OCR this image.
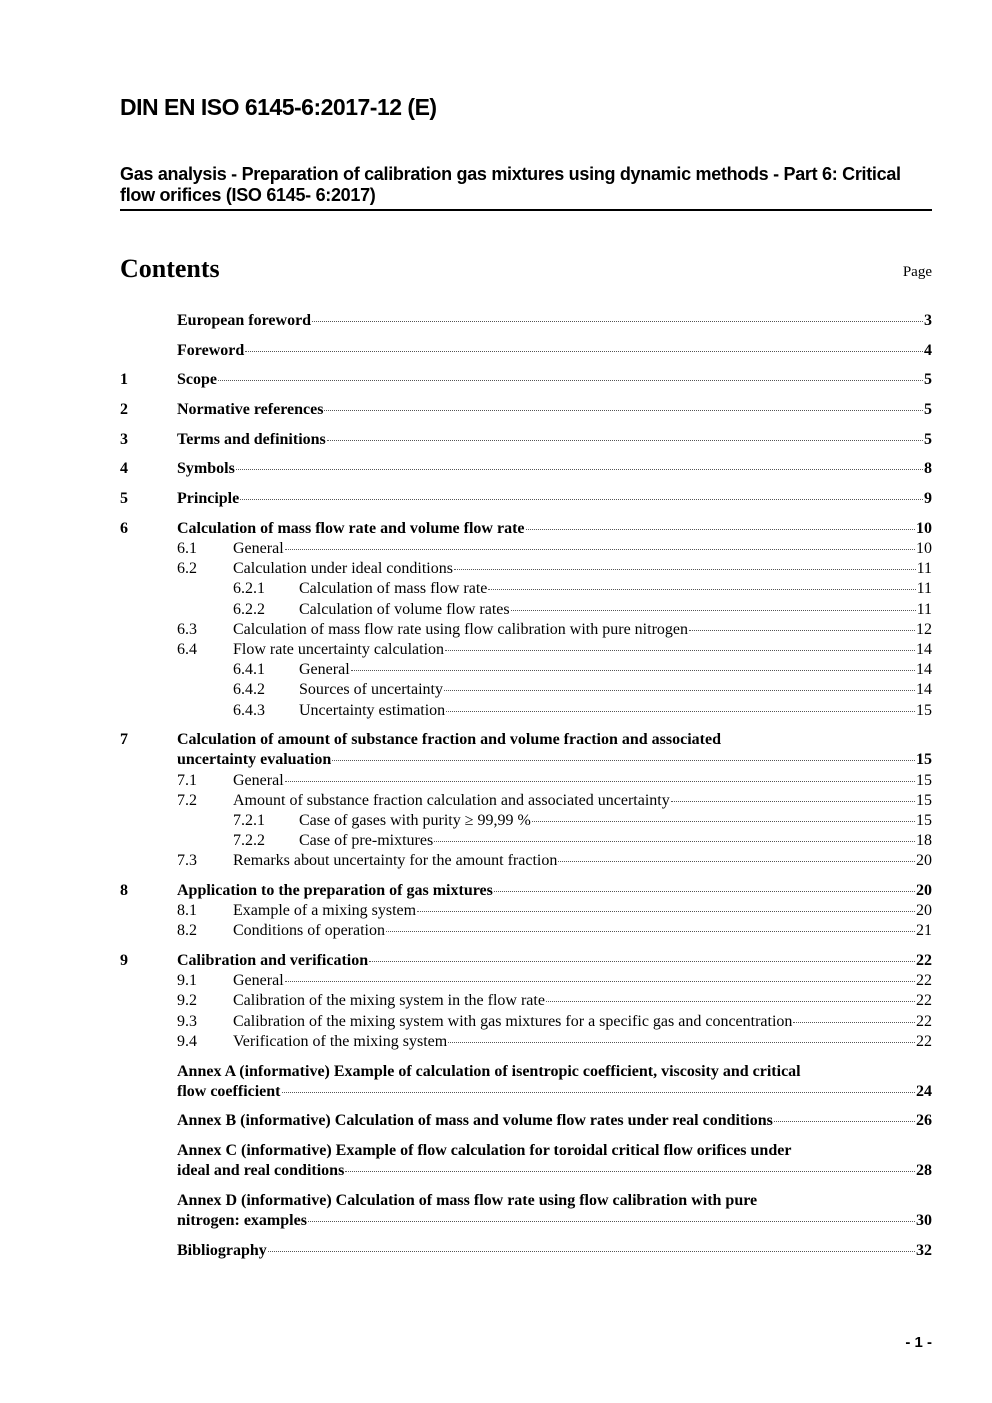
DIN EN ISO 6145-6:2017-12 (E)
Gas analysis - Preparation of calibration gas mixtures using dynamic methods - Part 6: Critical flow orifices (ISO 6145- 6:2017)
Contents	Page
European foreword	3
Foreword	4
1	Scope	5
2	Normative references	5
3	Terms and definitions	5
4	Symbols	8
5	Principle	9
6	Calculation of mass flow rate and volume flow rate	10
6.1	General	10
6.2	Calculation under ideal conditions	11
6.2.1	Calculation of mass flow rate	11
6.2.2	Calculation of volume flow rates	11
6.3	Calculation of mass flow rate using flow calibration with pure nitrogen	12
6.4	Flow rate uncertainty calculation	14
6.4.1	General	14
6.4.2	Sources of uncertainty	14
6.4.3	Uncertainty estimation	15
7	Calculation of amount of substance fraction and volume fraction and associated
uncertainty evaluation	15
7.1	General	15
7.2	Amount of substance fraction calculation and associated uncertainty	15
7.2.1	Case of gases with purity ≥ 99,99 %	15
7.2.2	Case of pre-mixtures	18
7.3	Remarks about uncertainty for the amount fraction	20
8	Application to the preparation of gas mixtures	20
8.1	Example of a mixing system	20
8.2	Conditions of operation	21
9	Calibration and verification	22
9.1	General	22
9.2	Calibration of the mixing system in the flow rate	22
9.3	Calibration of the mixing system with gas mixtures for a specific gas and concentration	22
9.4	Verification of the mixing system	22
Annex A (informative) Example of calculation of isentropic coefficient, viscosity and critical
flow coefficient	24
Annex B (informative) Calculation of mass and volume flow rates under real conditions	26
Annex C (informative) Example of flow calculation for toroidal critical flow orifices under
ideal and real conditions	28
Annex D (informative) Calculation of mass flow rate using flow calibration with pure
nitrogen: examples	30
Bibliography	32
- 1 -
